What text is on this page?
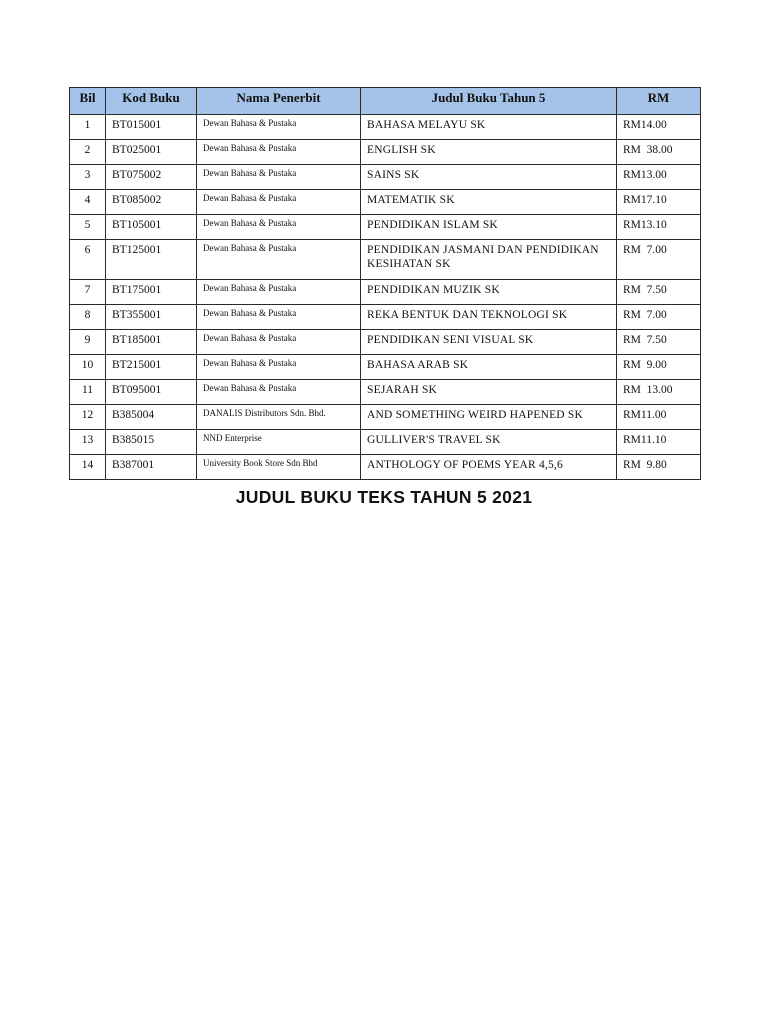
Bil	Kod Buku	Nama Penerbit	Judul Buku Tahun 5	RM
1	BT015001	Dewan Bahasa & Pustaka	BAHASA MELAYU SK	RM14.00
2	BT025001	Dewan Bahasa & Pustaka	ENGLISH SK	RM  38.00
3	BT075002	Dewan Bahasa & Pustaka	SAINS SK	RM13.00
4	BT085002	Dewan Bahasa & Pustaka	MATEMATIK SK	RM17.10
5	BT105001	Dewan Bahasa & Pustaka	PENDIDIKAN ISLAM SK	RM13.10
6	BT125001	Dewan Bahasa & Pustaka	PENDIDIKAN JASMANI DAN PENDIDIKAN KESIHATAN SK	RM  7.00
7	BT175001	Dewan Bahasa & Pustaka	PENDIDIKAN MUZIK SK	RM  7.50
8	BT355001	Dewan Bahasa & Pustaka	REKA BENTUK DAN TEKNOLOGI SK	RM  7.00
9	BT185001	Dewan Bahasa & Pustaka	PENDIDIKAN SENI VISUAL SK	RM  7.50
10	BT215001	Dewan Bahasa & Pustaka	BAHASA ARAB SK	RM  9.00
11	BT095001	Dewan Bahasa & Pustaka	SEJARAH SK	RM  13.00
12	B385004	DANALIS Distributors Sdn. Bhd.	AND SOMETHING WEIRD HAPENED SK	RM11.00
13	B385015	NND Enterprise	GULLIVER'S TRAVEL SK	RM11.10
14	B387001	University Book Store Sdn Bhd	ANTHOLOGY OF POEMS YEAR 4,5,6	RM  9.80
JUDUL BUKU TEKS TAHUN 5 2021
